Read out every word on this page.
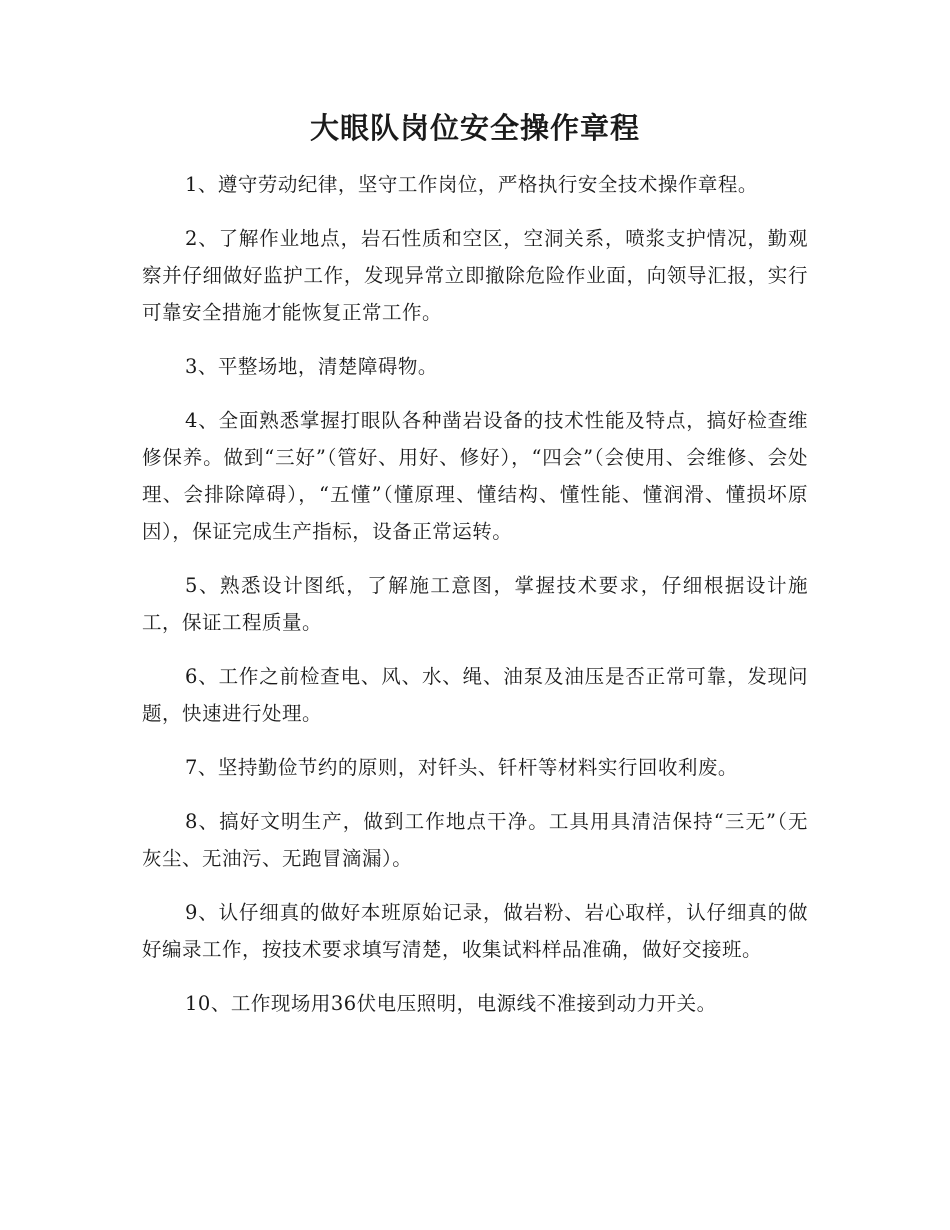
大眼队岗位安全操作章程

1、遵守劳动纪律，坚守工作岗位，严格执行安全技术操作章程。

2、了解作业地点，岩石性质和空区，空洞关系，喷浆支护情况，勤观察并仔细做好监护工作，发现异常立即撤除危险作业面，向领导汇报，实行可靠安全措施才能恢复正常工作。

3、平整场地，清楚障碍物。

4、全面熟悉掌握打眼队各种凿岩设备的技术性能及特点，搞好检查维修保养。做到“三好”（管好、用好、修好），“四会”（会使用、会维修、会处理、会排除障碍），“五懂”（懂原理、懂结构、懂性能、懂润滑、懂损坏原因），保证完成生产指标，设备正常运转。

5、熟悉设计图纸，了解施工意图，掌握技术要求，仔细根据设计施工，保证工程质量。

6、工作之前检查电、风、水、绳、油泵及油压是否正常可靠，发现问题，快速进行处理。

7、坚持勤俭节约的原则，对钎头、钎杆等材料实行回收利废。

8、搞好文明生产，做到工作地点干净。工具用具清洁保持“三无”（无灰尘、无油污、无跑冒滴漏）。

9、认仔细真的做好本班原始记录，做岩粉、岩心取样，认仔细真的做好编录工作，按技术要求填写清楚，收集试料样品准确，做好交接班。

10、工作现场用36伏电压照明，电源线不准接到动力开关。
